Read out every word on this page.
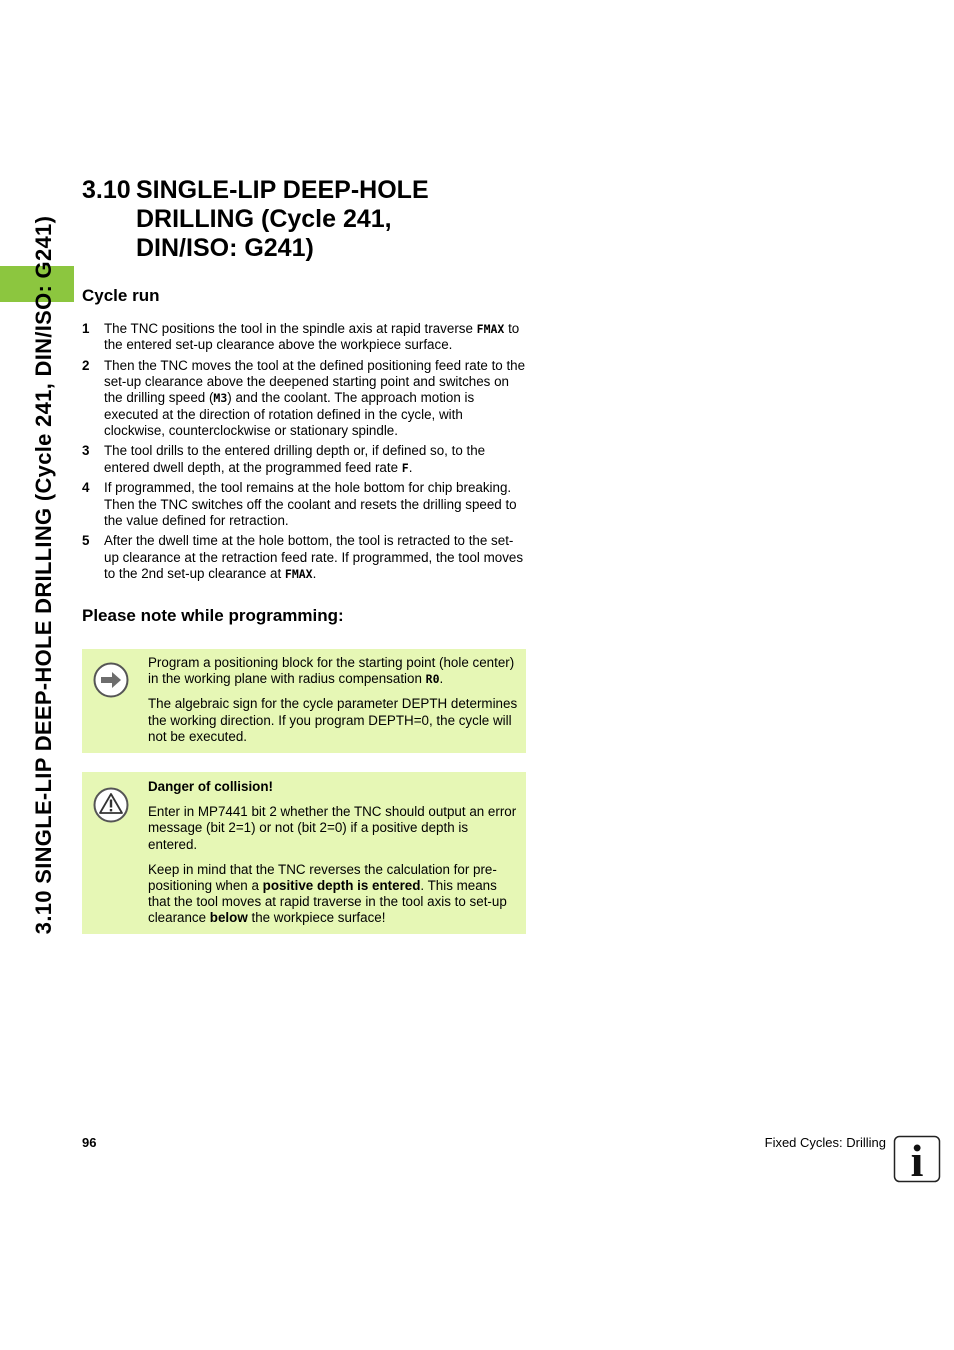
3.10 SINGLE-LIP DEEP-HOLE DRILLING (Cycle 241, DIN/ISO: G241)
3.10 SINGLE-LIP DEEP-HOLE
DRILLING (Cycle 241,
DIN/ISO: G241)
Cycle run
1	The TNC positions the tool in the spindle axis at rapid traverse FMAX to the entered set-up clearance above the workpiece surface.
2	Then the TNC moves the tool at the defined positioning feed rate to the set-up clearance above the deepened starting point and switches on the drilling speed (M3) and the coolant. The approach motion is executed at the direction of rotation defined in the cycle, with clockwise, counterclockwise or stationary spindle.
3	The tool drills to the entered drilling depth or, if defined so, to the entered dwell depth, at the programmed feed rate F.
4	If programmed, the tool remains at the hole bottom for chip breaking. Then the TNC switches off the coolant and resets the drilling speed to the value defined for retraction.
5	After the dwell time at the hole bottom, the tool is retracted to the set-up clearance at the retraction feed rate. If programmed, the tool moves to the 2nd set-up clearance at FMAX.
Please note while programming:

Program a positioning block for the starting point (hole center) in the working plane with radius compensation R0.

The algebraic sign for the cycle parameter DEPTH determines the working direction. If you program DEPTH=0, the cycle will not be executed.

Danger of collision!

Enter in MP7441 bit 2 whether the TNC should output an error message (bit 2=1) or not (bit 2=0) if a positive depth is entered.

Keep in mind that the TNC reverses the calculation for pre-positioning when a positive depth is entered. This means that the tool moves at rapid traverse in the tool axis to set-up clearance below the workpiece surface!

96	Fixed Cycles: Drilling i
